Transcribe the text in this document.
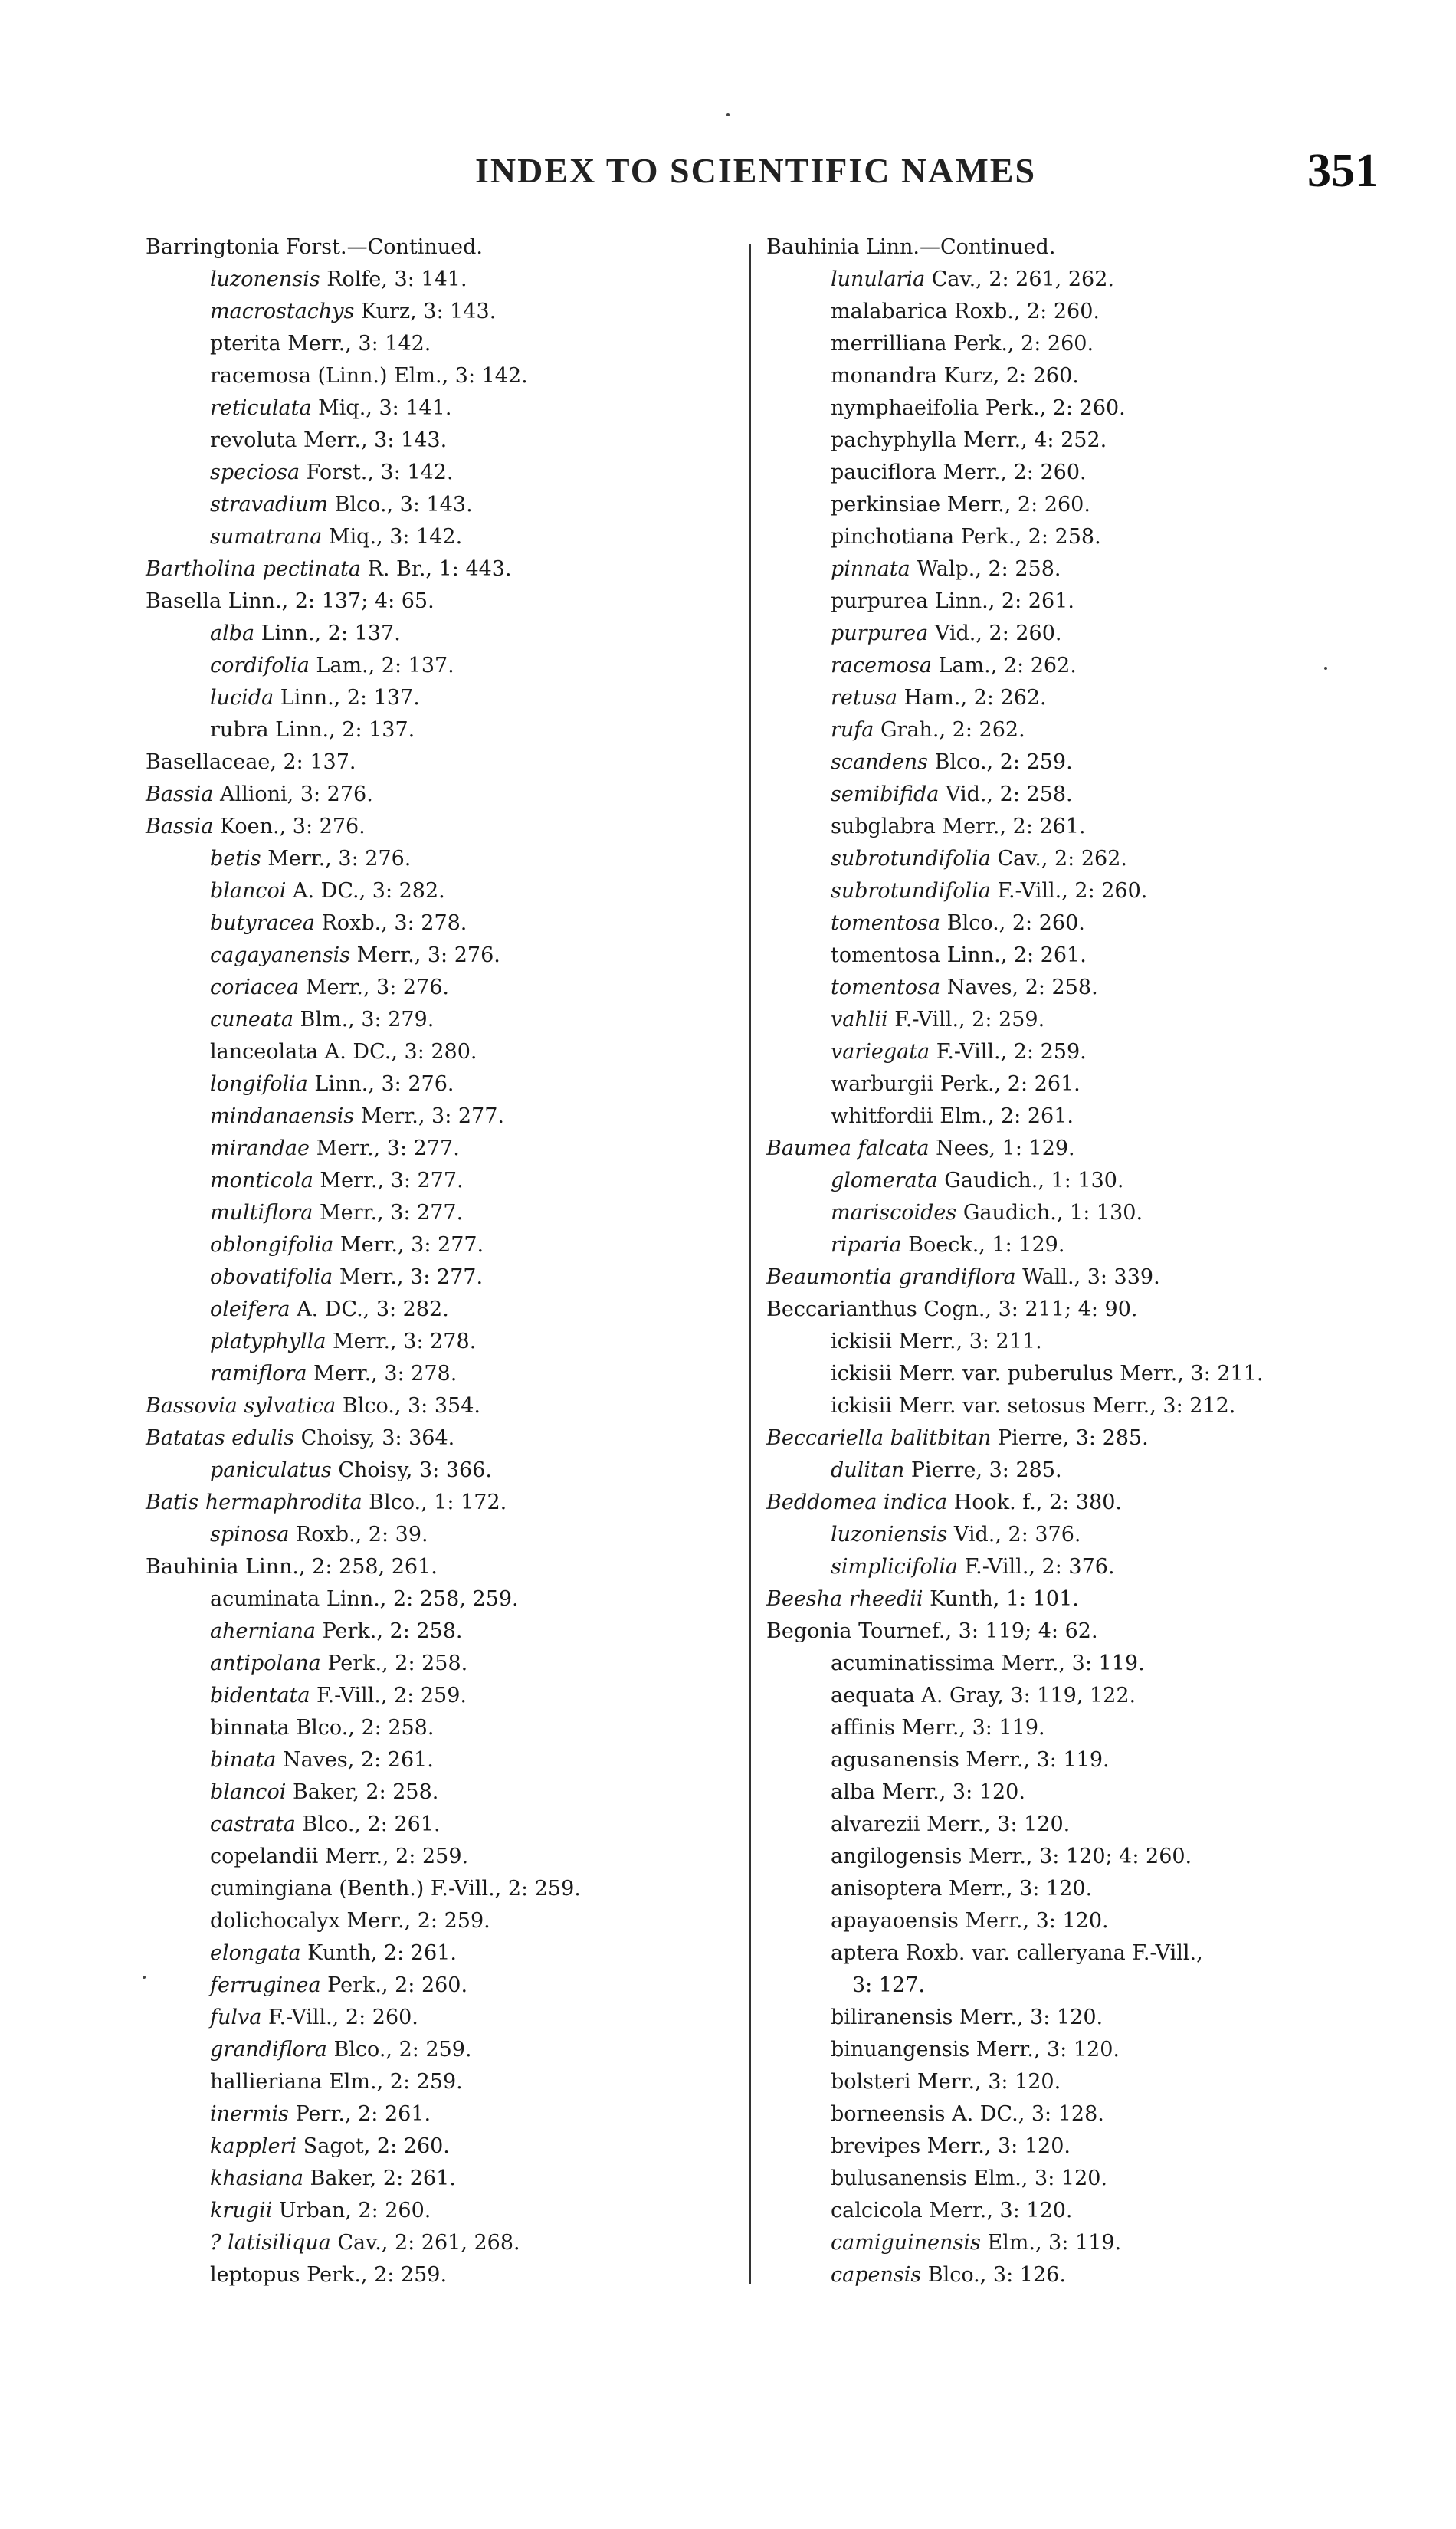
INDEX TO SCIENTIFIC NAMES	351
Barringtonia Forst.—Continued.
luzonensis Rolfe, 3: 141.
macrostachys Kurz, 3: 143.
pterita Merr., 3: 142.
racemosa (Linn.) Elm., 3: 142.
reticulata Miq., 3: 141.
revoluta Merr., 3: 143.
speciosa Forst., 3: 142.
stravadium Blco., 3: 143.
sumatrana Miq., 3: 142.
Bartholina pectinata R. Br., 1: 443.
Basella Linn., 2: 137; 4: 65.
alba Linn., 2: 137.
cordifolia Lam., 2: 137.
lucida Linn., 2: 137.
rubra Linn., 2: 137.
Basellaceae, 2: 137.
Bassia Allioni, 3: 276.
Bassia Koen., 3: 276.
betis Merr., 3: 276.
blancoi A. DC., 3: 282.
butyracea Roxb., 3: 278.
cagayanensis Merr., 3: 276.
coriacea Merr., 3: 276.
cuneata Blm., 3: 279.
lanceolata A. DC., 3: 280.
longifolia Linn., 3: 276.
mindanaensis Merr., 3: 277.
mirandae Merr., 3: 277.
monticola Merr., 3: 277.
multiflora Merr., 3: 277.
oblongifolia Merr., 3: 277.
obovatifolia Merr., 3: 277.
oleifera A. DC., 3: 282.
platyphylla Merr., 3: 278.
ramiflora Merr., 3: 278.
Bassovia sylvatica Blco., 3: 354.
Batatas edulis Choisy, 3: 364.
paniculatus Choisy, 3: 366.
Batis hermaphrodita Blco., 1: 172.
spinosa Roxb., 2: 39.
Bauhinia Linn., 2: 258, 261.
acuminata Linn., 2: 258, 259.
aherniana Perk., 2: 258.
antipolana Perk., 2: 258.
bidentata F.-Vill., 2: 259.
binnata Blco., 2: 258.
binata Naves, 2: 261.
blancoi Baker, 2: 258.
castrata Blco., 2: 261.
copelandii Merr., 2: 259.
cumingiana (Benth.) F.-Vill., 2: 259.
dolichocalyx Merr., 2: 259.
elongata Kunth, 2: 261.
ferruginea Perk., 2: 260.
fulva F.-Vill., 2: 260.
grandiflora Blco., 2: 259.
hallieriana Elm., 2: 259.
inermis Perr., 2: 261.
kappleri Sagot, 2: 260.
khasiana Baker, 2: 261.
krugii Urban, 2: 260.
? latisiliqua Cav., 2: 261, 268.
leptopus Perk., 2: 259.
Bauhinia Linn.—Continued.
lunularia Cav., 2: 261, 262.
malabarica Roxb., 2: 260.
merrilliana Perk., 2: 260.
monandra Kurz, 2: 260.
nymphaeifolia Perk., 2: 260.
pachyphylla Merr., 4: 252.
pauciflora Merr., 2: 260.
perkinsiae Merr., 2: 260.
pinchotiana Perk., 2: 258.
pinnata Walp., 2: 258.
purpurea Linn., 2: 261.
purpurea Vid., 2: 260.
racemosa Lam., 2: 262.
retusa Ham., 2: 262.
rufa Grah., 2: 262.
scandens Blco., 2: 259.
semibifida Vid., 2: 258.
subglabra Merr., 2: 261.
subrotundifolia Cav., 2: 262.
subrotundifolia F.-Vill., 2: 260.
tomentosa Blco., 2: 260.
tomentosa Linn., 2: 261.
tomentosa Naves, 2: 258.
vahlii F.-Vill., 2: 259.
variegata F.-Vill., 2: 259.
warburgii Perk., 2: 261.
whitfordii Elm., 2: 261.
Baumea falcata Nees, 1: 129.
glomerata Gaudich., 1: 130.
mariscoides Gaudich., 1: 130.
riparia Boeck., 1: 129.
Beaumontia grandiflora Wall., 3: 339.
Beccarianthus Cogn., 3: 211; 4: 90.
ickisii Merr., 3: 211.
ickisii Merr. var. puberulus Merr., 3: 211.
ickisii Merr. var. setosus Merr., 3: 212.
Beccariella balitbitan Pierre, 3: 285.
dulitan Pierre, 3: 285.
Beddomea indica Hook. f., 2: 380.
luzoniensis Vid., 2: 376.
simplicifolia F.-Vill., 2: 376.
Beesha rheedii Kunth, 1: 101.
Begonia Tournef., 3: 119; 4: 62.
acuminatissima Merr., 3: 119.
aequata A. Gray, 3: 119, 122.
affinis Merr., 3: 119.
agusanensis Merr., 3: 119.
alba Merr., 3: 120.
alvarezii Merr., 3: 120.
angilogensis Merr., 3: 120; 4: 260.
anisoptera Merr., 3: 120.
apayaoensis Merr., 3: 120.
aptera Roxb. var. calleryana F.-Vill.,
3: 127.
biliranensis Merr., 3: 120.
binuangensis Merr., 3: 120.
bolsteri Merr., 3: 120.
borneensis A. DC., 3: 128.
brevipes Merr., 3: 120.
bulusanensis Elm., 3: 120.
calcicola Merr., 3: 120.
camiguinensis Elm., 3: 119.
capensis Blco., 3: 126.
